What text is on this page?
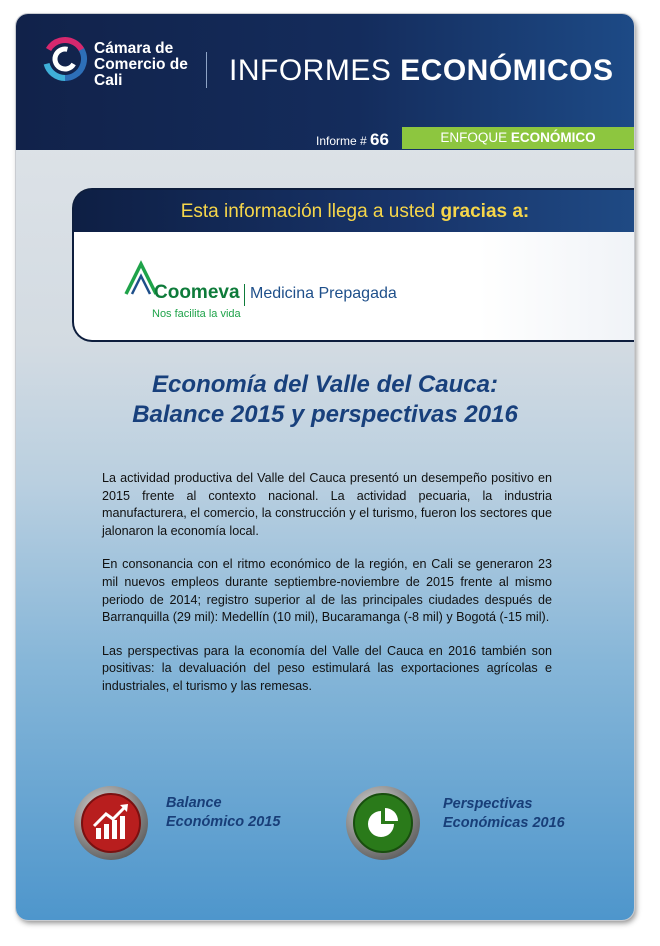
Cámara de
Comercio de
Cali	INFORMES ECONÓMICOS
Informe # 66	ENFOQUE ECONÓMICO
Esta información llega a usted gracias a:
Coomeva Medicina Prepagada
Nos facilita la vida
Economía del Valle del Cauca:
Balance 2015 y perspectivas 2016

La actividad productiva del Valle del Cauca presentó un desempeño positivo en 2015 frente al contexto nacional. La actividad pecuaria, la industria manufacturera, el comercio, la construcción y el turismo, fueron los sectores que jalonaron la economía local.

En consonancia con el ritmo económico de la región, en Cali se generaron 23 mil nuevos empleos durante septiembre-noviembre de 2015 frente al mismo periodo de 2014; registro superior al de las principales ciudades después de Barranquilla (29 mil): Medellín (10 mil), Bucaramanga (-8 mil) y Bogotá (-15 mil).

Las perspectivas para la economía del Valle del Cauca en 2016 también son positivas: la devaluación del peso estimulará las exportaciones agrícolas e industriales, el turismo y las remesas.

Balance
Económico 2015
Perspectivas
Económicas 2016
